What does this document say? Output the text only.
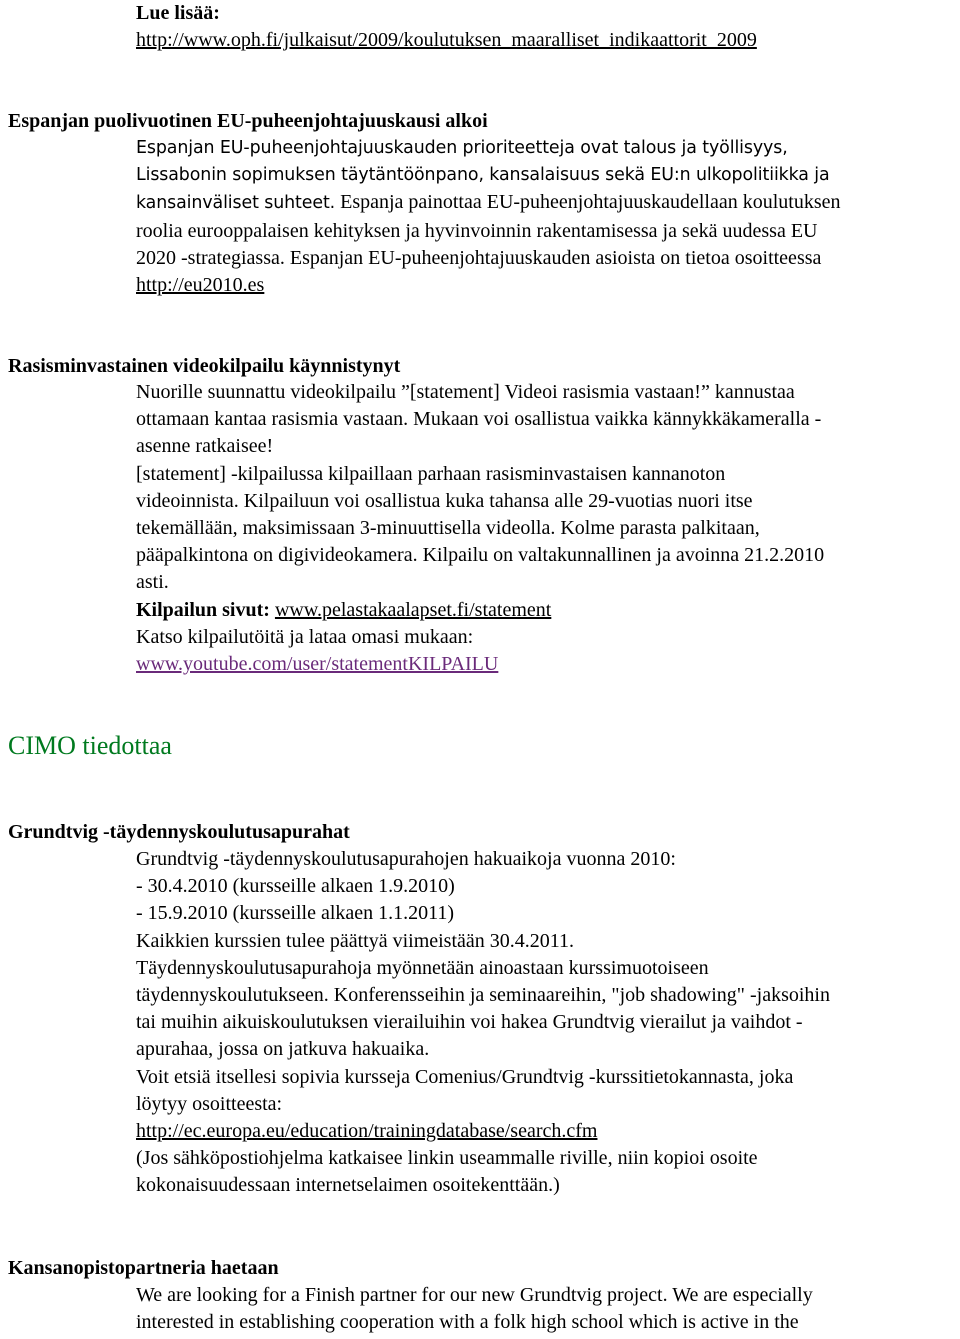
Lue lisää:
http://www.oph.fi/julkaisut/2009/koulutuksen_maaralliset_indikaattorit_2009
Espanjan puolivuotinen EU-puheenjohtajuuskausi alkoi
Espanjan EU-puheenjohtajuuskauden prioriteetteja ovat talous ja työllisyys,
Lissabonin sopimuksen täytäntöönpano, kansalaisuus sekä EU:n ulkopolitiikka ja
kansainväliset suhteet. Espanja painottaa EU-puheenjohtajuuskaudellaan koulutuksen
roolia eurooppalaisen kehityksen ja hyvinvoinnin rakentamisessa ja sekä uudessa EU
2020 -strategiassa. Espanjan EU-puheenjohtajuuskauden asioista on tietoa osoitteessa
http://eu2010.es
Rasisminvastainen videokilpailu käynnistynyt
Nuorille suunnattu videokilpailu ”[statement] Videoi rasismia vastaan!” kannustaa
ottamaan kantaa rasismia vastaan. Mukaan voi osallistua vaikka kännykkäkameralla -
asenne ratkaisee!
[statement] -kilpailussa kilpaillaan parhaan rasisminvastaisen kannanoton
videoinnista. Kilpailuun voi osallistua kuka tahansa alle 29-vuotias nuori itse
tekemällään, maksimissaan 3-minuuttisella videolla. Kolme parasta palkitaan,
pääpalkintona on digivideokamera. Kilpailu on valtakunnallinen ja avoinna 21.2.2010
asti.
Kilpailun sivut: www.pelastakaalapset.fi/statement
Katso kilpailutöitä ja lataa omasi mukaan:
www.youtube.com/user/statementKILPAILU
CIMO tiedottaa
Grundtvig -täydennyskoulutusapurahat
Grundtvig -täydennyskoulutusapurahojen hakuaikoja vuonna 2010:
- 30.4.2010 (kursseille alkaen 1.9.2010)
- 15.9.2010 (kursseille alkaen 1.1.2011)
Kaikkien kurssien tulee päättyä viimeistään 30.4.2011.
Täydennyskoulutusapurahoja myönnetään ainoastaan kurssimuotoiseen
täydennyskoulutukseen. Konferensseihin ja seminaareihin, "job shadowing" -jaksoihin
tai muihin aikuiskoulutuksen vierailuihin voi hakea Grundtvig vierailut ja vaihdot -
apurahaa, jossa on jatkuva hakuaika.
Voit etsiä itsellesi sopivia kursseja Comenius/Grundtvig -kurssitietokannasta, joka
löytyy osoitteesta:
http://ec.europa.eu/education/trainingdatabase/search.cfm
(Jos sähköpostiohjelma katkaisee linkin useammalle riville, niin kopioi osoite
kokonaisuudessaan internetselaimen osoitekenttään.)
Kansanopistopartneria haetaan
We are looking for a Finish partner for our new Grundtvig project. We are especially
interested in establishing cooperation with a folk high school which is active in the
